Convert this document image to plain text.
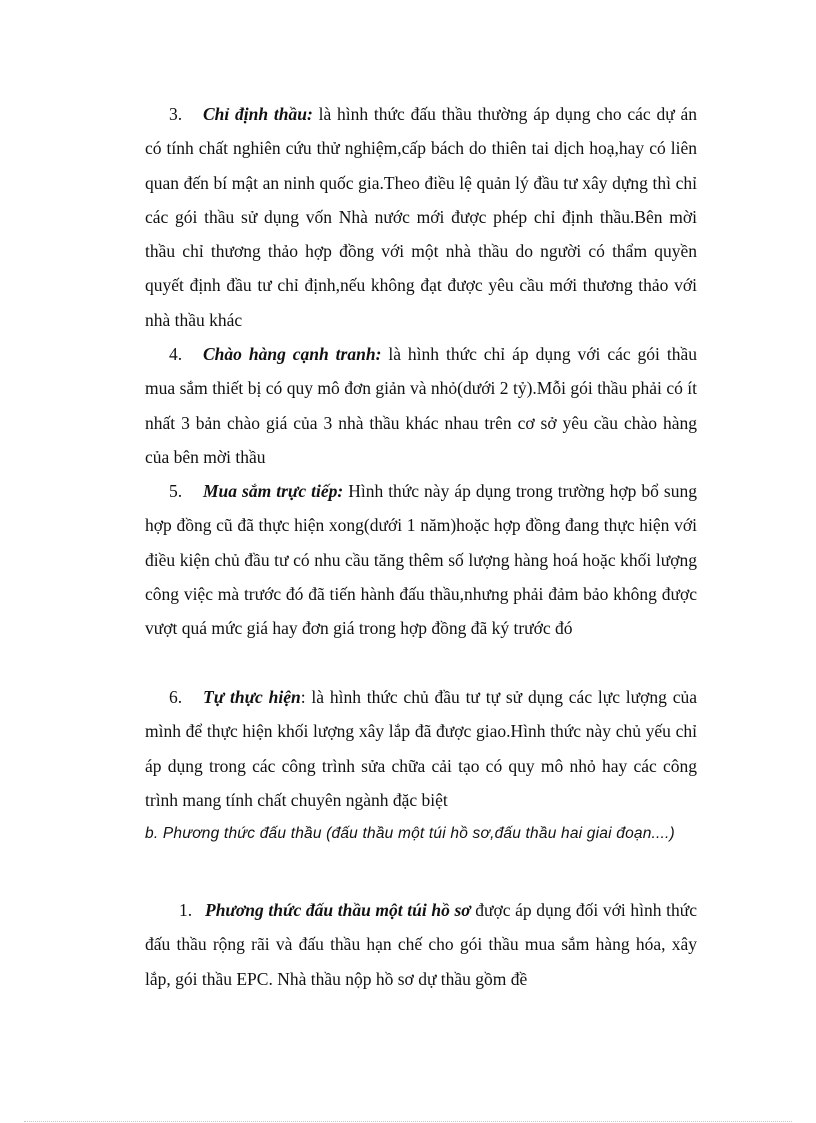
3. Chỉ định thầu: là hình thức đấu thầu thường áp dụng cho các dự án có tính chất nghiên cứu thử nghiệm,cấp bách do thiên tai dịch hoạ,hay có liên quan đến bí mật an ninh quốc gia.Theo điều lệ quản lý đầu tư xây dựng thì chỉ các gói thầu sử dụng vốn Nhà nước mới được phép chỉ định thầu.Bên mời thầu chỉ thương thảo hợp đồng với một nhà thầu do người có thẩm quyền quyết định đầu tư chỉ định,nếu không đạt được yêu cầu mới thương thảo với nhà thầu khác

4. Chào hàng cạnh tranh: là hình thức chỉ áp dụng với các gói thầu mua sắm thiết bị có quy mô đơn giản và nhỏ(dưới 2 tỷ).Mỗi gói thầu phải có ít nhất 3 bản chào giá của 3 nhà thầu khác nhau trên cơ sở yêu cầu chào hàng của bên mời thầu

5. Mua sắm trực tiếp: Hình thức này áp dụng trong trường hợp bổ sung hợp đồng cũ đã thực hiện xong(dưới 1 năm)hoặc hợp đồng đang thực hiện với điều kiện chủ đầu tư có nhu cầu tăng thêm số lượng hàng hoá hoặc khối lượng công việc mà trước đó đã tiến hành đấu thầu,nhưng phải đảm bảo không được vượt quá mức giá hay đơn giá trong hợp đồng đã ký trước đó

6. Tự thực hiện: là hình thức chủ đầu tư tự sử dụng các lực lượng của mình để thực hiện khối lượng xây lắp đã được giao.Hình thức này chủ yếu chỉ áp dụng trong các công trình sửa chữa cải tạo có quy mô nhỏ hay các công trình mang tính chất chuyên ngành đặc biệt

b. Phương thức đấu thầu (đấu thầu một túi hồ sơ,đấu thầu hai giai đoạn....)

1. Phương thức đấu thầu một túi hồ sơ được áp dụng đối với hình thức đấu thầu rộng rãi và đấu thầu hạn chế cho gói thầu mua sắm hàng hóa, xây lắp, gói thầu EPC. Nhà thầu nộp hồ sơ dự thầu gồm đề
